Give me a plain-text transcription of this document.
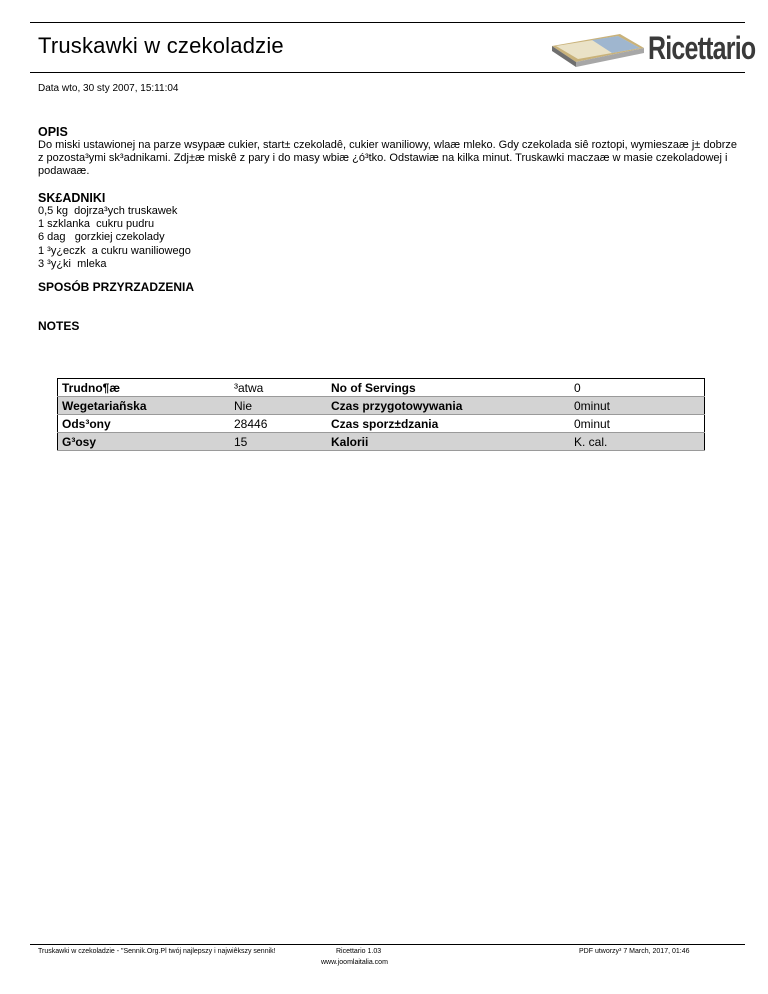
Truskawki w czekoladzie	Ricettario
Data wto, 30 sty 2007, 15:11:04
OPIS
Do miski ustawionej na parze wsypaæ cukier, start± czekoladê, cukier waniliowy, wlaæ mleko. Gdy czekolada siê roztopi, wymieszaæ j± dobrze z pozosta³ymi sk³adnikami. Zdj±æ miskê z pary i do masy wbiæ ¿ó³tko. Odstawiæ na kilka minut. Truskawki maczaæ w masie czekoladowej i podawaæ.
SK£ADNIKI
0,5 kg  dojrza³ych truskawek
1 szklanka  cukru pudru
6 dag   gorzkiej czekolady
1 ³y¿eczk  a cukru waniliowego
3 ³y¿ki  mleka
SPOSÓB PRZYRZADZENIA
NOTES
Trudno¶æ	³atwa	No of Servings	0
Wegetariañska	Nie	Czas przygotowywania	0minut
Ods³ony	28446	Czas sporz±dzania	0minut
G³osy	15	Kalorii	K. cal.
Truskawki w czekoladzie - "Sennik.Org.Pl twój najlepszy i najwiêkszy sennik!	Ricettario 1.03
www.joomlaitalia.com
PDF utworzy³ 7 March, 2017, 01:46
